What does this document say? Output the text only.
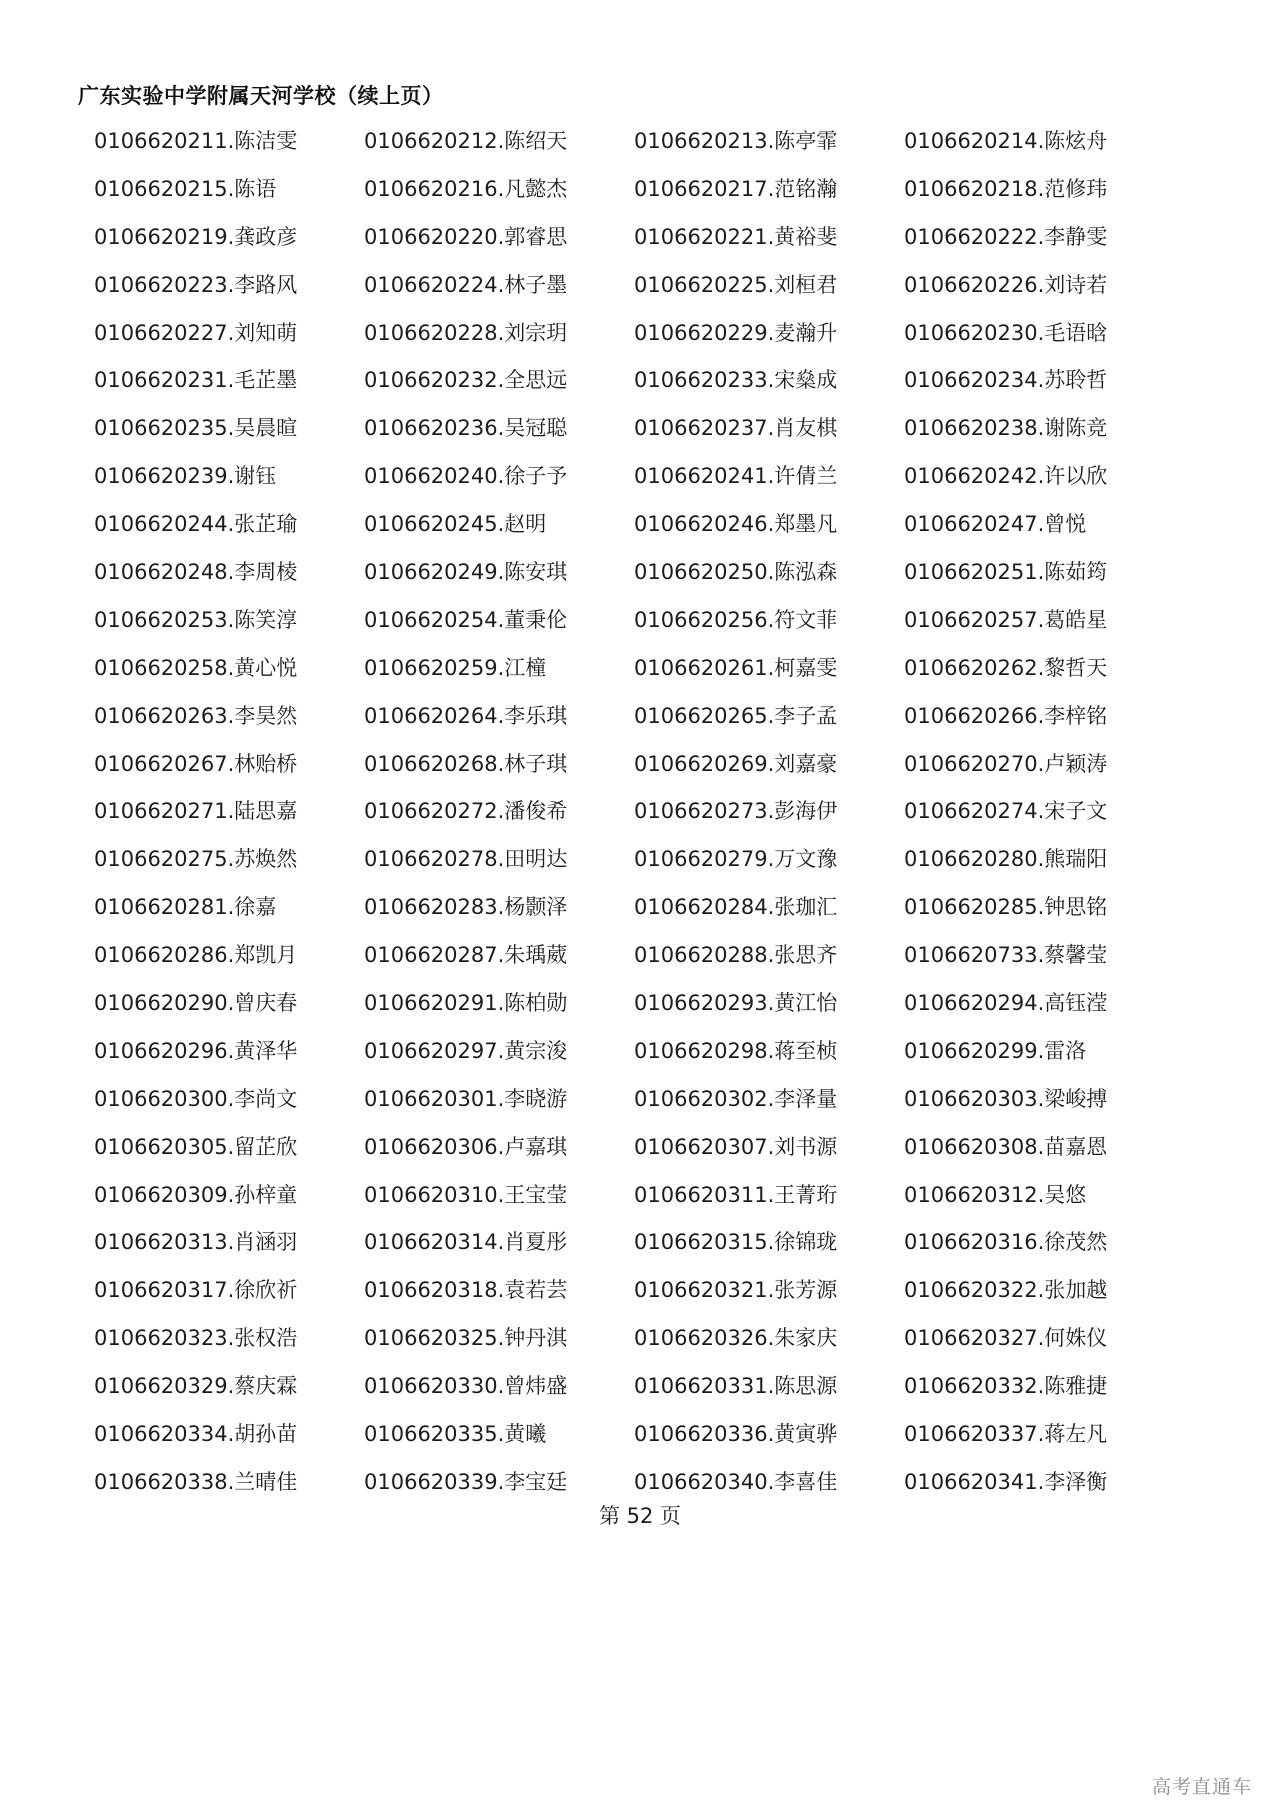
广东实验中学附属天河学校（续上页）
0106620211.陈洁雯	0106620212.陈绍天	0106620213.陈亭霏	0106620214.陈炫舟
0106620215.陈语	0106620216.凡懿杰	0106620217.范铭瀚	0106620218.范修玮
0106620219.龚政彦	0106620220.郭睿思	0106620221.黄裕斐	0106620222.李静雯
0106620223.李路风	0106620224.林子墨	0106620225.刘桓君	0106620226.刘诗若
0106620227.刘知萌	0106620228.刘宗玥	0106620229.麦瀚升	0106620230.毛语晗
0106620231.毛芷墨	0106620232.全思远	0106620233.宋燊成	0106620234.苏聆哲
0106620235.吴晨暄	0106620236.吴冠聪	0106620237.肖友棋	0106620238.谢陈竞
0106620239.谢钰	0106620240.徐子予	0106620241.许倩兰	0106620242.许以欣
0106620244.张芷瑜	0106620245.赵明	0106620246.郑墨凡	0106620247.曾悦
0106620248.李周棱	0106620249.陈安琪	0106620250.陈泓森	0106620251.陈茹筠
0106620253.陈笑淳	0106620254.董秉伦	0106620256.符文菲	0106620257.葛皓星
0106620258.黄心悦	0106620259.江橦	0106620261.柯嘉雯	0106620262.黎哲天
0106620263.李昊然	0106620264.李乐琪	0106620265.李子孟	0106620266.李梓铭
0106620267.林贻桥	0106620268.林子琪	0106620269.刘嘉豪	0106620270.卢颖涛
0106620271.陆思嘉	0106620272.潘俊希	0106620273.彭海伊	0106620274.宋子文
0106620275.苏焕然	0106620278.田明达	0106620279.万文豫	0106620280.熊瑞阳
0106620281.徐嘉	0106620283.杨颢泽	0106620284.张珈汇	0106620285.钟思铭
0106620286.郑凯月	0106620287.朱瑀葳	0106620288.张思齐	0106620733.蔡馨莹
0106620290.曾庆春	0106620291.陈柏勋	0106620293.黄江怡	0106620294.高钰滢
0106620296.黄泽华	0106620297.黄宗浚	0106620298.蒋至桢	0106620299.雷洛
0106620300.李尚文	0106620301.李晓游	0106620302.李泽量	0106620303.梁峻搏
0106620305.留芷欣	0106620306.卢嘉琪	0106620307.刘书源	0106620308.苗嘉恩
0106620309.孙梓童	0106620310.王宝莹	0106620311.王菁珩	0106620312.吴悠
0106620313.肖涵羽	0106620314.肖夏彤	0106620315.徐锦珑	0106620316.徐茂然
0106620317.徐欣祈	0106620318.袁若芸	0106620321.张芳源	0106620322.张加越
0106620323.张权浩	0106620325.钟丹淇	0106620326.朱家庆	0106620327.何姝仪
0106620329.蔡庆霖	0106620330.曾炜盛	0106620331.陈思源	0106620332.陈雅捷
0106620334.胡孙苗	0106620335.黄曦	0106620336.黄寅骅	0106620337.蒋左凡
0106620338.兰晴佳	0106620339.李宝廷	0106620340.李喜佳	0106620341.李泽衡
第 52 页
高考直通车
